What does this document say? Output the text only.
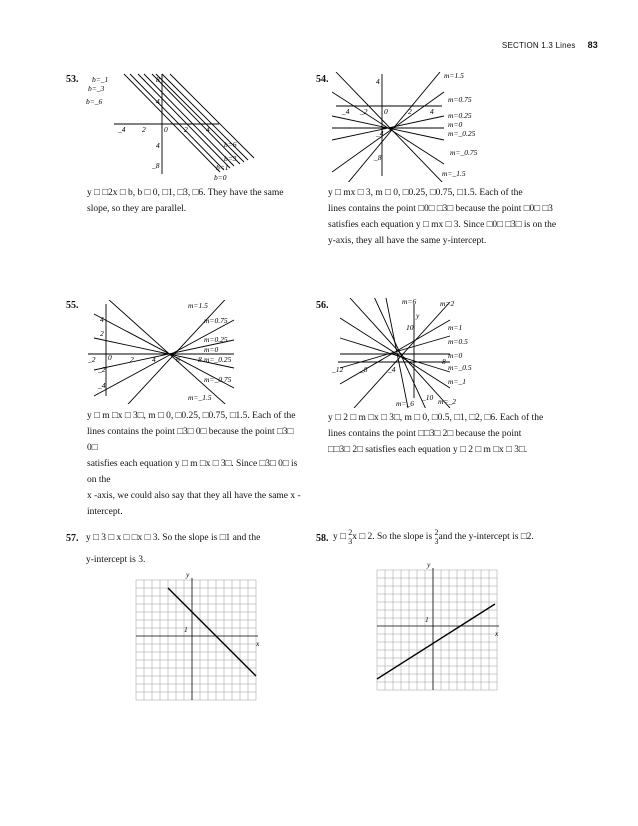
SECTION 1.3 Lines 83
53. b=_1
b=_3
b=_6
b=6
b=3
b=1
b=0
8
4
_4 2 0 2 4
4
_8
y □ □2x □ b, b □ 0, □1, □3, □6. They have the same
slope, so they are parallel.
54.	m=1.5
m=0.75
m=0.25
m=0
m=_0.25
m=_0.75
m=_1.5
4
_4 _2 0	2 4
_4
_8
y □ mx □ 3, m □ 0, □0.25, □0.75, □1.5. Each of the
lines contains the point □0□ □3□ because the point □0□ □3
satisfies each equation y □ mx □ 3. Since □0□ □3□ is on the
y-axis, they all have the same y-intercept.
55.	m=1.5
m=0.75
m=0.25
m=0
m=_0.25
m=_0.75
m=_1.5
4
2
_2 0 2 4	6 8
_2
_4
y □ m □x □ 3□, m □ 0, □0.25, □0.75, □1.5. Each of the
lines contains the point □3□ 0□ because the point □3□ 0□
satisfies each equation y □ m □x □ 3□. Since □3□ 0□ is on the
x -axis, we could also say that they all have the same x -
intercept.
56.	m=6	m=2
m=1
m=0.5
m=0
m=_0.5
m=_1
m=_2
m=_6
10
_12 _8	_4
8
y
_10
y □ 2 □ m □x □ 3□, m □ 0, □0.5, □1, □2, □6. Each of the
lines contains the point □□3□ 2□ because the point
□□3□ 2□ satisfies each equation y □ 2 □ m □x □ 3□.
57. y □ 3 □ x □ □x □ 3. So the slope is □1 and the
y-intercept is 3.
y
x
1
58. y □ 2
3x □ 2. So the slope is 2
3and the y-intercept is □2.
y
x
1
